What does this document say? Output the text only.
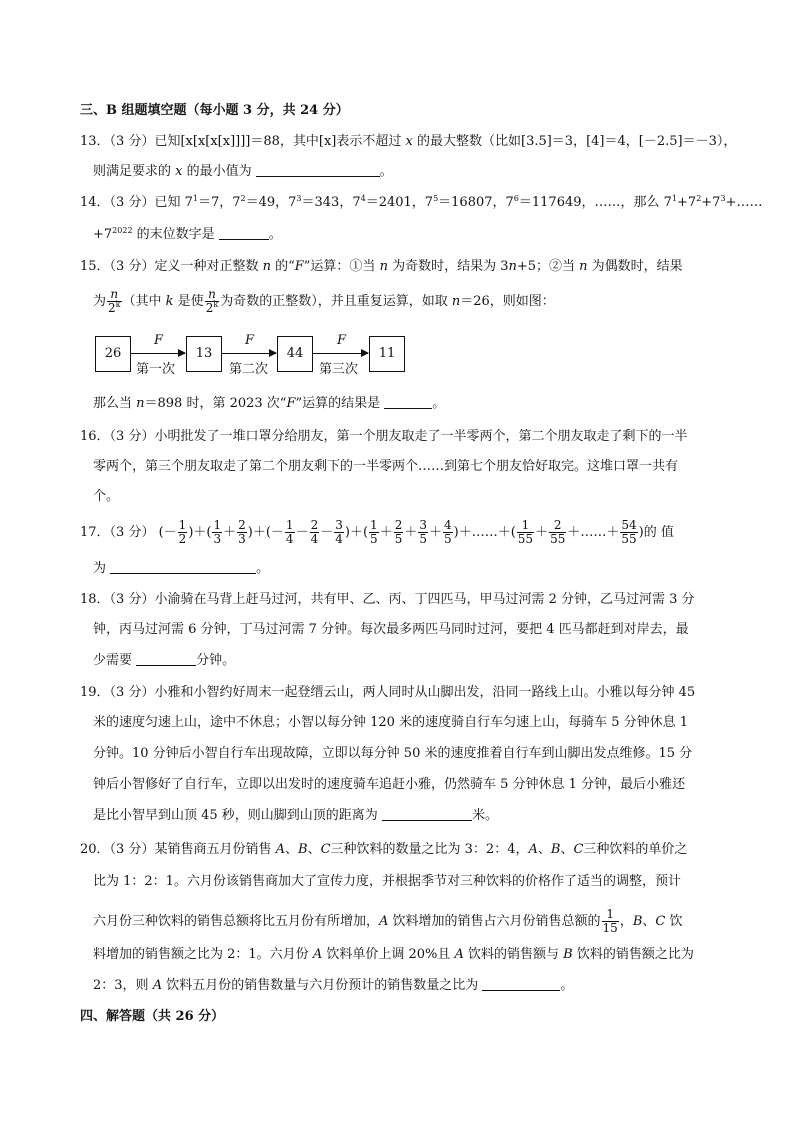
三、B 组题填空题（每小题 3 分，共 24 分）
13．（3 分）已知[x[x[x[x]]]]＝88，其中[x]表示不超过 x 的最大整数（比如[3.5]＝3，[4]＝4，[－2.5]＝－3），
则满足要求的 x 的最小值为	。
14．（3 分）已知 $7^1=7$，$7^2=49$，$7^3=343$，$7^4=2401$，$7^5=16807$，$7^6=117649$，……，那么 $7^1+7^2+7^3+\dots\dots$
$+7^{2022}$ 的末位数字是	。
15．（3 分）定义一种对正整数 n 的“F”运算：①当 n 为奇数时，结果为 3n+5；②当 n 为偶数时，结果
为 $\frac{n}{2^k}$ （其中 k 是使 $\frac{n}{2^k}$ 为奇数的正整数），并且重复运算，如取 n＝26，则如图：
26
F
第一次
13
F
第二次
44
F
第三次
11
那么当 n＝898 时，第 2023 次“F”运算的结果是	。
16．（3 分）小明批发了一堆口罩分给朋友，第一个朋友取走了一半零两个，第二个朋友取走了剩下的一半
零两个，第三个朋友取走了第二个朋友剩下的一半零两个……到第七个朋友恰好取完。这堆口罩一共有
个。
17．（3 分） (－ $\frac{1}{2}$ )＋( $\frac{1}{3} + \frac{2}{3}$ )＋(－ $\frac{1}{4} - \frac{2}{4} - \frac{3}{4}$ )＋( $\frac{1}{5} + \frac{2}{5} + \frac{3}{5} + \frac{4}{5}$ )＋……＋( $\frac{1}{55} + \frac{2}{55}$ ＋……＋ $\frac{54}{55}$ )的 值
为	。
18．（3 分）小渝骑在马背上赶马过河，共有甲、乙、丙、丁四匹马，甲马过河需 2 分钟，乙马过河需 3 分
钟，丙马过河需 6 分钟，丁马过河需 7 分钟。每次最多两匹马同时过河，要把 4 匹马都赶到对岸去，最
少需要	分钟。
19．（3 分）小雅和小智约好周末一起登缙云山，两人同时从山脚出发，沿同一路线上山。小雅以每分钟 45
米的速度匀速上山，途中不休息；小智以每分钟 120 米的速度骑自行车匀速上山，每骑车 5 分钟休息 1
分钟。10 分钟后小智自行车出现故障，立即以每分钟 50 米的速度推着自行车到山脚出发点维修。15 分
钟后小智修好了自行车，立即以出发时的速度骑车追赶小雅，仍然骑车 5 分钟休息 1 分钟，最后小雅还
是比小智早到山顶 45 秒，则山脚到山顶的距离为	米。
20．（3 分）某销售商五月份销售 A、B、C三种饮料的数量之比为 3：2：4，A、B、C三种饮料的单价之
比为 1：2：1。六月份该销售商加大了宣传力度，并根据季节对三种饮料的价格作了适当的调整，预计
六月份三种饮料的销售总额将比五月份有所增加，A 饮料增加的销售占六月份销售总额的 $\frac{1}{15}$ ，B、C 饮
料增加的销售额之比为 2：1。六月份 A 饮料单价上调 20%且 A 饮料的销售额与 B 饮料的销售额之比为
2：3，则 A 饮料五月份的销售数量与六月份预计的销售数量之比为	。
四、解答题（共 26 分）
